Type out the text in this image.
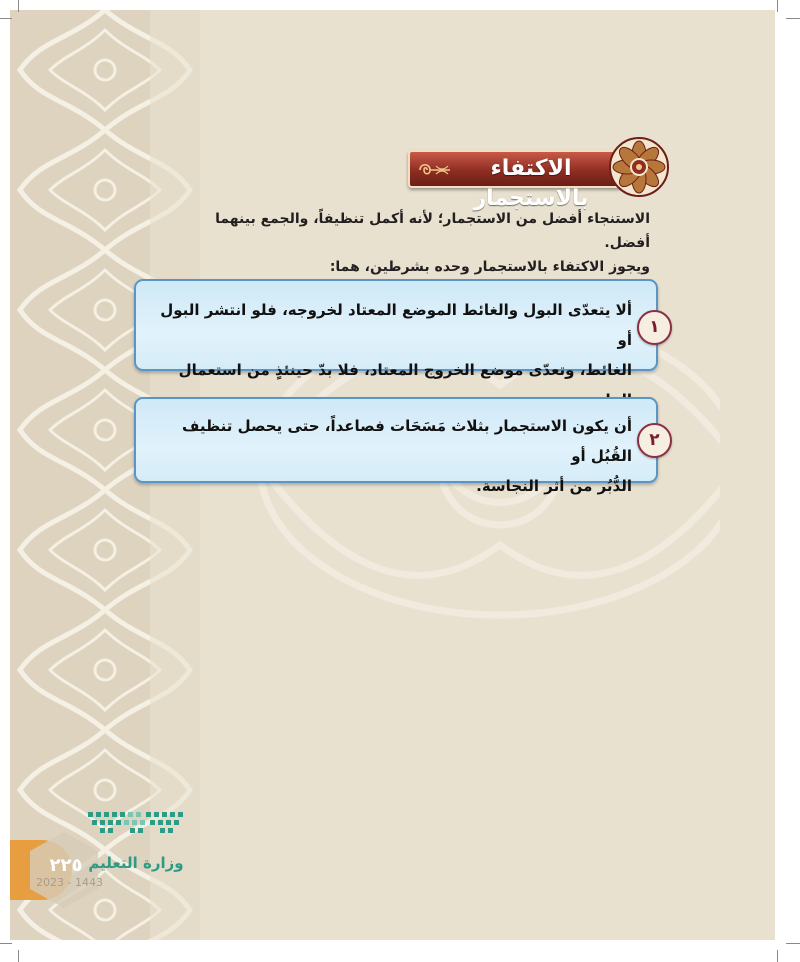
الاكتفاء بالاستجمار

الاستنجاء أفضل من الاستجمار؛ لأنه أكمل تنظيفاً، والجمع بينهما أفضل.

ويجوز الاكتفاء بالاستجمار وحده بشرطين، هما:

ألا يتعدّى البول والغائط الموضع المعتاد لخروجه، فلو انتشر البول أو

الغائط، وتعدّى موضع الخروج المعتاد، فلا بدّ حينئذٍ من استعمال

١

أن يكون الاستجمار بثلاث مَسَحَات فصاعداً، حتى يحصل تنظيف القُبُل أو

الدُّبُر من أثر النجاسة.

٢
٢٢٥
2023 - 1443
وزارة التعليم
